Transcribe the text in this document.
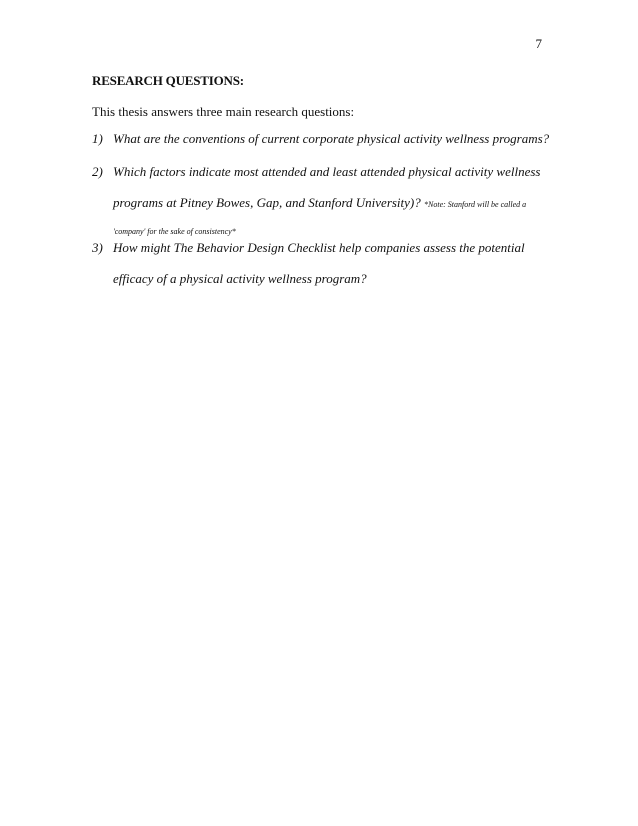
7
RESEARCH QUESTIONS:
This thesis answers three main research questions:
1) What are the conventions of current corporate physical activity wellness programs?
2) Which factors indicate most attended and least attended physical activity wellness
programs at Pitney Bowes, Gap, and Stanford University)? *Note: Stanford will be called a
'company' for the sake of consistency*
3) How might The Behavior Design Checklist help companies assess the potential
efficacy of a physical activity wellness program?
